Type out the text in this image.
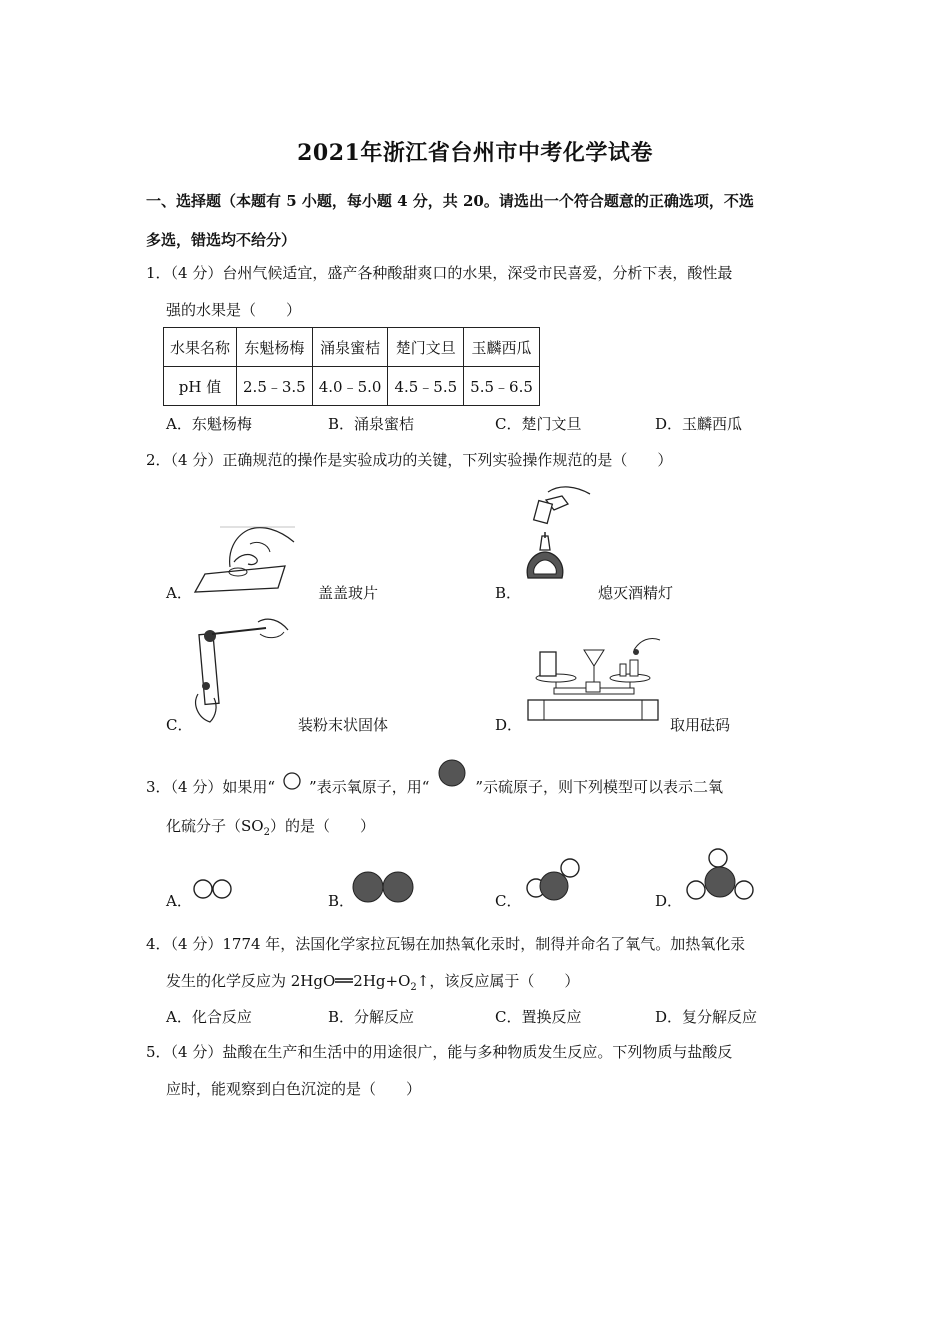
2021年浙江省台州市中考化学试卷
一、选择题（本题有 5 小题，每小题 4 分，共 20。请选出一个符合题意的正确选项，不选
多选，错选均不给分）
1．（4 分）台州气候适宜，盛产各种酸甜爽口的水果，深受市民喜爱，分析下表，酸性最
强的水果是（　　）
水果名称	东魁杨梅	涌泉蜜桔	楚门文旦	玉麟西瓜
pH 值	2.5﹣3.5	4.0﹣5.0	4.5﹣5.5	5.5﹣6.5
A．东魁杨梅	B．涌泉蜜桔	C．楚门文旦	D．玉麟西瓜
2．（4 分）正确规范的操作是实验成功的关键，下列实验操作规范的是（　　）
A．	盖盖玻片	B．	熄灭酒精灯
C．	装粉末状固体	D．	取用砝码
3．（4 分）如果用“ ”表示氧原子，用“	”示硫原子，则下列模型可以表示二氧
化硫分子$(SO_2)$的是（　　）
A．	B．	C．	D．
4．（4 分）1774 年，法国化学家拉瓦锡在加热氧化汞时，制得并命名了氧气。加热氧化汞
发生的化学反应为 2HgO $2Hg+O_2↑$，该反应属于（　　）
A．化合反应	B．分解反应	C．置换反应	D．复分解反应
5．（4 分）盐酸在生产和生活中的用途很广，能与多种物质发生反应。下列物质与盐酸反
应时，能观察到白色沉淀的是（　　）
